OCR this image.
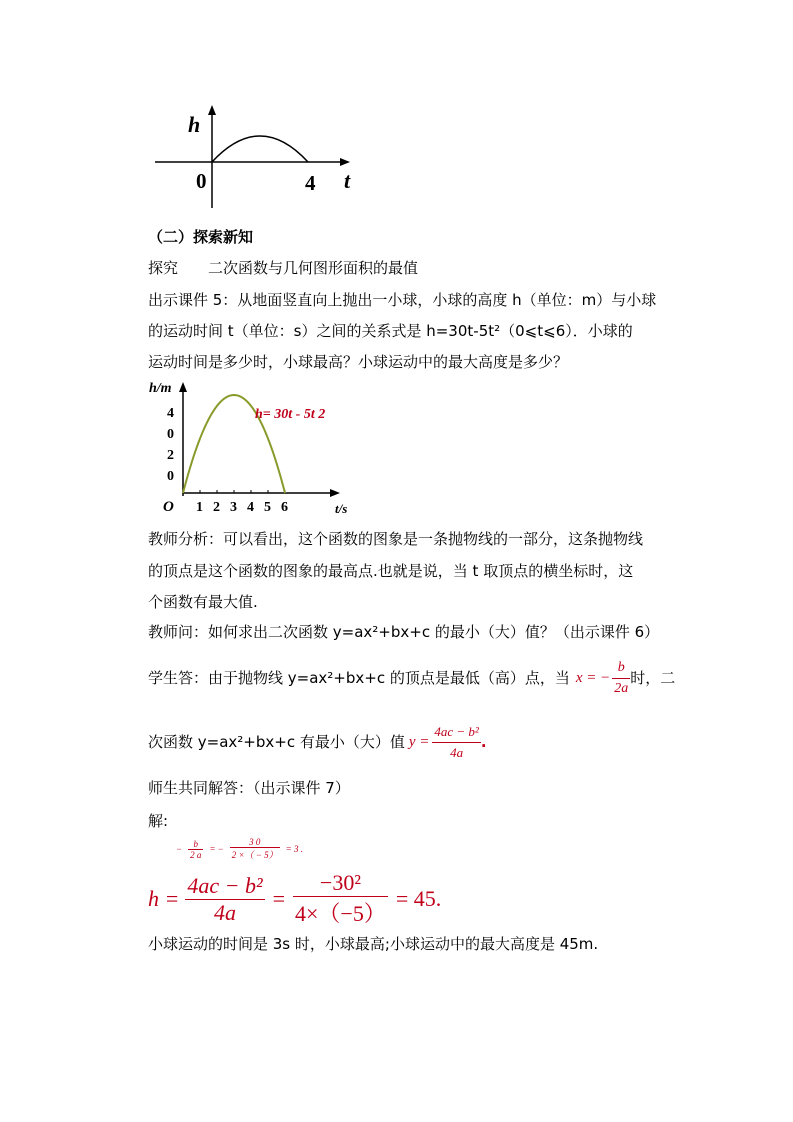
h
t
0	4
（二）探索新知
探究　　二次函数与几何图形面积的最值
出示课件 5：从地面竖直向上抛出一小球，小球的高度 h（单位：m）与小球
的运动时间 t（单位：s）之间的关系式是 h=30t-5t²（0⩽t⩽6）．小球的
运动时间是多少时，小球最高？小球运动中的最大高度是多少？
h/m
t/s
O 1 2 3 4 5 6
4
0
2
0
h= 30t - 5t 2
教师分析：可以看出，这个函数的图象是一条抛物线的一部分，这条抛物线
的顶点是这个函数的图象的最高点.也就是说，当 t 取顶点的横坐标时，这
个函数有最大值.
教师问：如何求出二次函数 y=ax²+bx+c 的最小（大）值？（出示课件 6）
学生答：由于抛物线 y=ax²+bx+c 的顶点是最低（高）点，当 x = − $\frac{b}{2a}$ 时，二
次函数 y=ax²+bx+c 有最小（大）值 $y = \frac{\text{4ac − b²}}{4a}$ .
师生共同解答：（出示课件 7）
解:
− $\frac{b}{2 a}$ = − $\frac{3 0}{2 \times( - 5)} = 3$ .
$h = \frac{\text{4ac − b²}}{4a} = \frac{\text{−30²}}{4\times(-5)} = 45$.
小球运动的时间是 3s 时，小球最高;小球运动中的最大高度是 45m.
